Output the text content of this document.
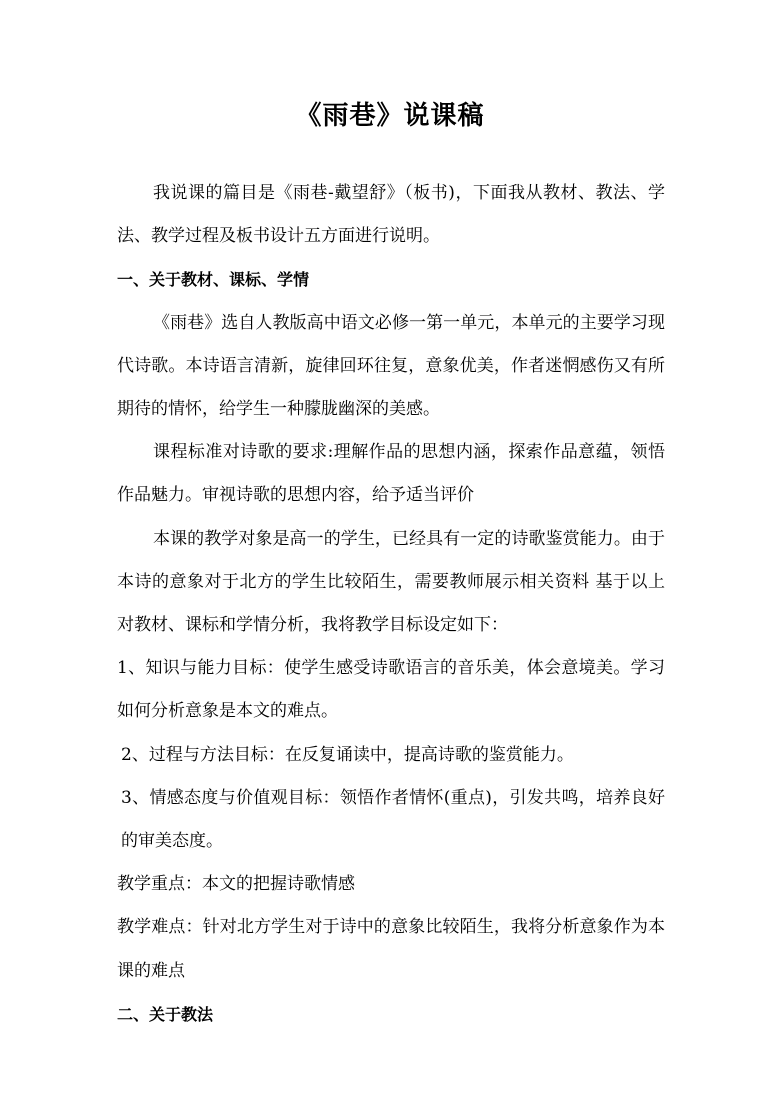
《雨巷》说课稿

我说课的篇目是《雨巷-戴望舒》（板书)，下面我从教材、教法、学法、教学过程及板书设计五方面进行说明。

一、关于教材、课标、学情

《雨巷》选自人教版高中语文必修一第一单元，本单元的主要学习现代诗歌。本诗语言清新，旋律回环往复，意象优美，作者迷惘感伤又有所期待的情怀，给学生一种朦胧幽深的美感。

课程标准对诗歌的要求:理解作品的思想内涵，探索作品意蕴，领悟作品魅力。审视诗歌的思想内容，给予适当评价

本课的教学对象是高一的学生，已经具有一定的诗歌鉴赏能力。由于本诗的意象对于北方的学生比较陌生，需要教师展示相关资料 基于以上对教材、课标和学情分析，我将教学目标设定如下：

1、知识与能力目标：使学生感受诗歌语言的音乐美，体会意境美。学习如何分析意象是本文的难点。

2、过程与方法目标：在反复诵读中，提高诗歌的鉴赏能力。

3、情感态度与价值观目标：领悟作者情怀(重点)，引发共鸣，培养良好的审美态度。

教学重点：本文的把握诗歌情感

教学难点：针对北方学生对于诗中的意象比较陌生，我将分析意象作为本课的难点

二、关于教法
